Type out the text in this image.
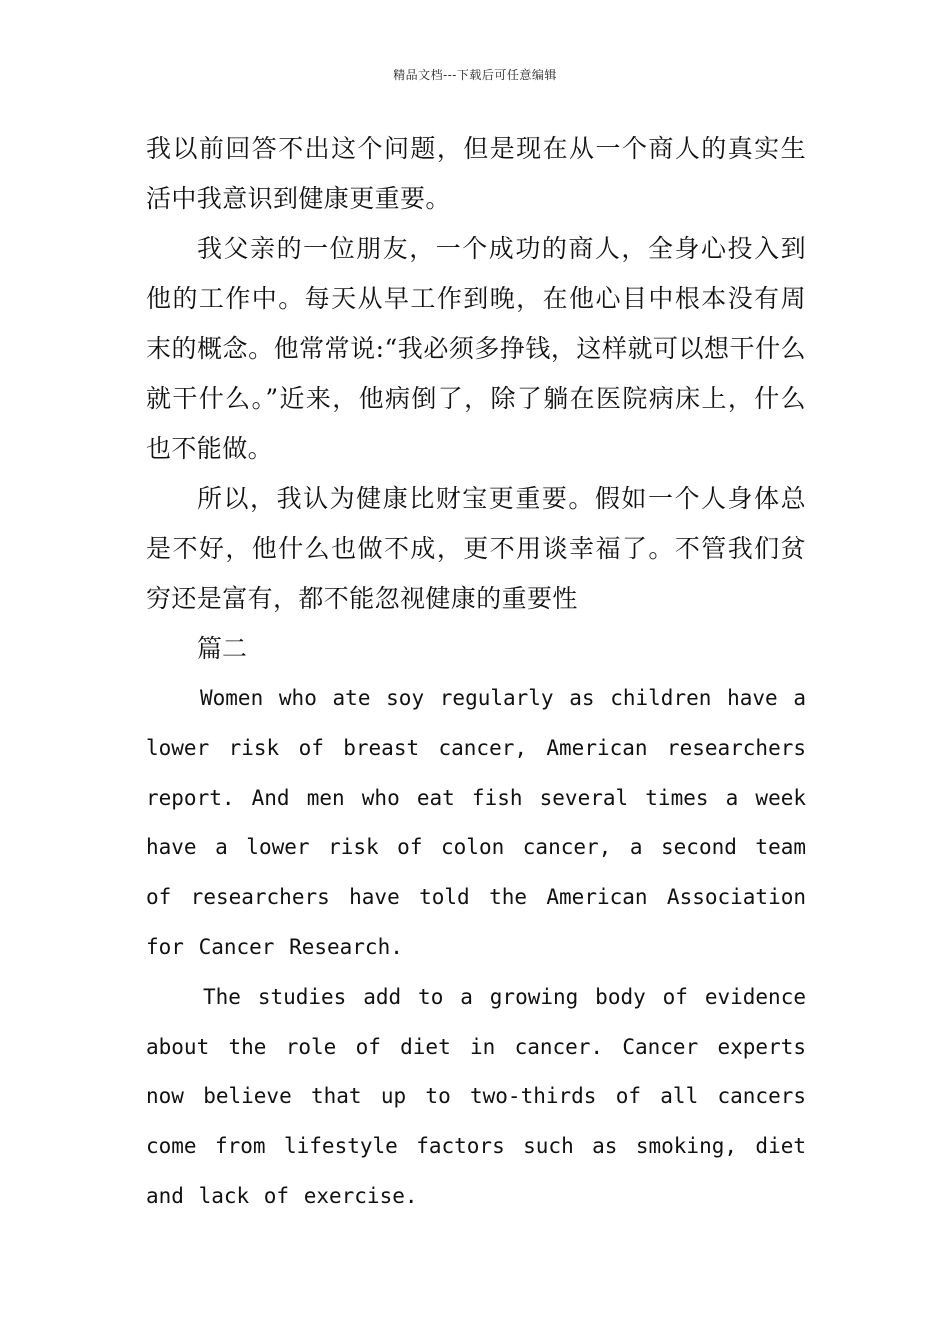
精品文档---下载后可任意编辑

我以前回答不出这个问题，但是现在从一个商人的真实生活中我意识到健康更重要。

我父亲的一位朋友，一个成功的商人，全身心投入到他的工作中。每天从早工作到晚，在他心目中根本没有周末的概念。他常常说:“我必须多挣钱，这样就可以想干什么就干什么。”近来，他病倒了，除了躺在医院病床上，什么也不能做。

所以，我认为健康比财宝更重要。假如一个人身体总是不好，他什么也做不成，更不用谈幸福了。不管我们贫穷还是富有，都不能忽视健康的重要性

篇二

Women who ate soy regularly as children have a lower risk of breast cancer, American researchers report. And men who eat fish several times a week have a lower risk of colon cancer, a second team of researchers have told the American Association for Cancer Research.

The studies add to a growing body of evidence about the role of diet in cancer. Cancer experts now believe that up to two-thirds of all cancers come from lifestyle factors such as smoking, diet and lack of exercise.
